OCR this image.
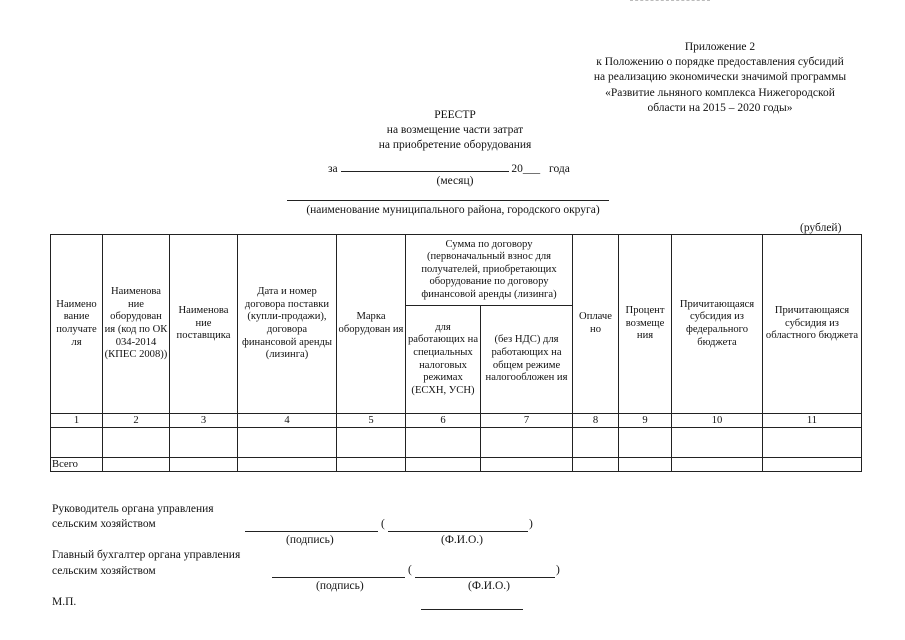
Приложение 2
к Положению о порядке предоставления субсидий
на реализацию экономически значимой программы
«Развитие льняного комплекса Нижегородской
области на 2015 – 2020 годы»
РЕЕСТР
на возмещение части затрат
на приобретение оборудования
за	20___ года
(месяц)
(наименование муниципального района, городского округа)
(рублей)
Наимено вание получате ля	Наименова ние оборудован ия (код по ОК 034-2014 (КПЕС 2008))	Наименова ние поставщика	Дата и номер договора поставки (купли-продажи), договора финансовой аренды (лизинга)	Марка оборудован ия	Сумма по договору (первоначальный взнос для получателей, приобретающих оборудование по договору финансовой аренды (лизинга)		Оплаче но	Процент возмеще ния	Причитающаяся субсидия из федерального бюджета	Причитающаяся субсидия из областного бюджета
					для работающих на специальных налоговых режимах (ЕСХН, УСН)	(без НДС) для работающих на общем режиме налогообложен ия				
1	2	3	4	5	6	7	8	9	10	11

Всего										
Руководитель органа управления
сельским хозяйством	(	)
(подпись)	(Ф.И.О.)
Главный бухгалтер органа управления
сельским хозяйством	(	)
(подпись)	(Ф.И.О.)
М.П.
